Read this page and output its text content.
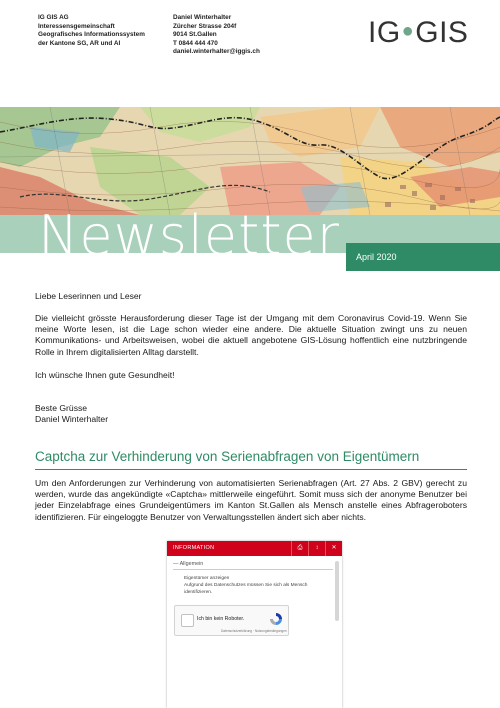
IG GIS AG
Interessensgemeinschaft
Geografisches Informationssystem
der Kantone SG, AR und AI
Daniel Winterhalter
Zürcher Strasse 204f
9014 St.Gallen
T 0844 444 470
daniel.winterhalter@iggis.ch
IG●GIS
Newsletter April 2020
Liebe Leserinnen und Leser
Die vielleicht grösste Herausforderung dieser Tage ist der Umgang mit dem Coronavirus Covid-19. Wenn Sie meine Worte lesen, ist die Lage schon wieder eine andere. Die aktuelle Situation zwingt uns zu neuen Kommunikations- und Arbeitsweisen, wobei die aktuell angebotene GIS-Lösung hoffentlich eine nutzbringende Rolle in Ihrem digitalisierten Alltag darstellt.
Ich wünsche Ihnen gute Gesundheit!
Beste Grüsse
Daniel Winterhalter
Captcha zur Verhinderung von Serienabfragen von Eigentümern
Um den Anforderungen zur Verhinderung von automatisierten Serienabfragen (Art. 27 Abs. 2 GBV) gerecht zu werden, wurde das angekündigte «Captcha» mittlerweile eingeführt. Somit muss sich der anonyme Benutzer bei jeder Einzelabfrage eines Grundeigentümers im Kanton St.Gallen als Mensch anstelle eines Abfrageroboters identifizieren. Für eingeloggte Benutzer von Verwaltungsstellen ändert sich aber nichts.
INFORMATION	⎙	↕	✕
— Allgemein
Eigentümer anzeigen
Aufgrund des Datenschutzes müssen Sie sich als Mensch
identifizieren.
Ich bin kein Roboter.
Datenschutzerklärung · Nutzungsbedingungen
